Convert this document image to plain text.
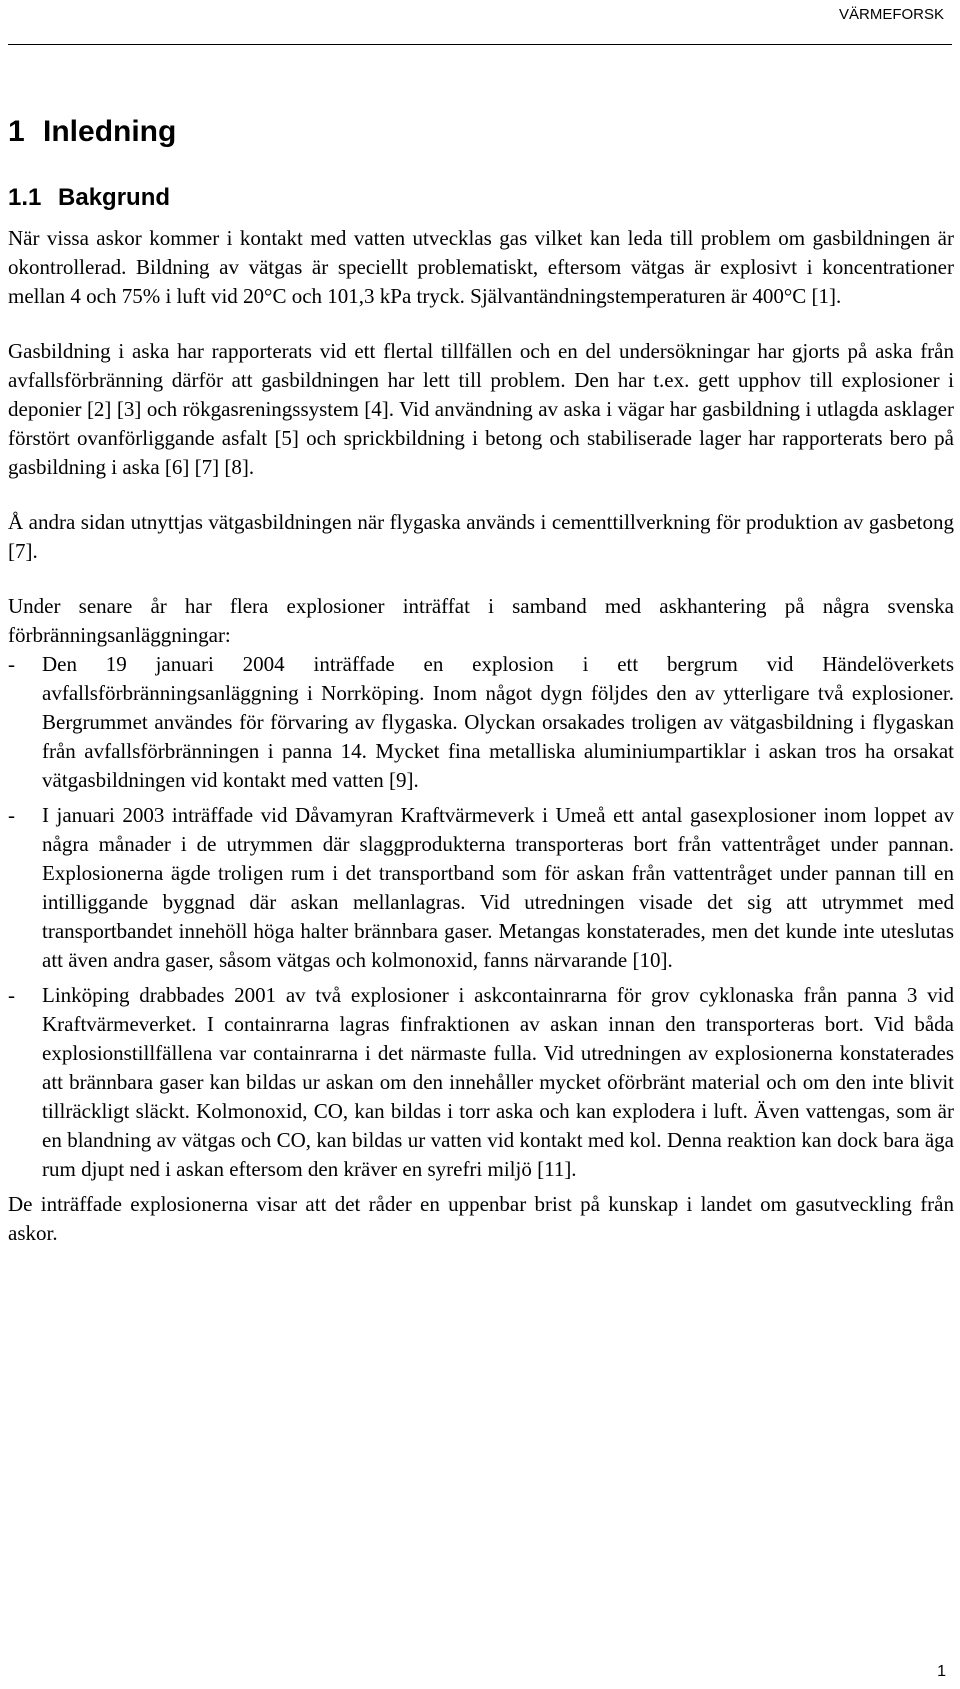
VÄRMEFORSK
1 Inledning
1.1 Bakgrund

När vissa askor kommer i kontakt med vatten utvecklas gas vilket kan leda till problem om gasbildningen är okontrollerad. Bildning av vätgas är speciellt problematiskt, eftersom vätgas är explosivt i koncentrationer mellan 4 och 75% i luft vid 20°C och 101,3 kPa tryck. Självantändningstemperaturen är 400°C [1].

Gasbildning i aska har rapporterats vid ett flertal tillfällen och en del undersökningar har gjorts på aska från avfallsförbränning därför att gasbildningen har lett till problem. Den har t.ex. gett upphov till explosioner i deponier [2] [3] och rökgasreningssystem [4]. Vid användning av aska i vägar har gasbildning i utlagda asklager förstört ovanförliggande asfalt [5] och sprickbildning i betong och stabiliserade lager har rapporterats bero på gasbildning i aska [6] [7] [8].

Å andra sidan utnyttjas vätgasbildningen när flygaska används i cementtillverkning för produktion av gasbetong [7].

Under senare år har flera explosioner inträffat i samband med askhantering på några svenska förbränningsanläggningar:

- Den 19 januari 2004 inträffade en explosion i ett bergrum vid Händelöverkets avfallsförbränningsanläggning i Norrköping. Inom något dygn följdes den av ytterligare två explosioner. Bergrummet användes för förvaring av flygaska. Olyckan orsakades troligen av vätgasbildning i flygaskan från avfallsförbränningen i panna 14. Mycket fina metalliska aluminiumpartiklar i askan tros ha orsakat vätgasbildningen vid kontakt med vatten [9].
- I januari 2003 inträffade vid Dåvamyran Kraftvärmeverk i Umeå ett antal gasexplosioner inom loppet av några månader i de utrymmen där slaggprodukterna transporteras bort från vattentråget under pannan. Explosionerna ägde troligen rum i det transportband som för askan från vattentråget under pannan till en intilliggande byggnad där askan mellanlagras. Vid utredningen visade det sig att utrymmet med transportbandet innehöll höga halter brännbara gaser. Metangas konstaterades, men det kunde inte uteslutas att även andra gaser, såsom vätgas och kolmonoxid, fanns närvarande [10].
- Linköping drabbades 2001 av två explosioner i askcontainrarna för grov cyklonaska från panna 3 vid Kraftvärmeverket. I containrarna lagras finfraktionen av askan innan den transporteras bort. Vid båda explosionstillfällena var containrarna i det närmaste fulla. Vid utredningen av explosionerna konstaterades att brännbara gaser kan bildas ur askan om den innehåller mycket oförbränt material och om den inte blivit tillräckligt släckt. Kolmonoxid, CO, kan bildas i torr aska och kan explodera i luft. Även vattengas, som är en blandning av vätgas och CO, kan bildas ur vatten vid kontakt med kol. Denna reaktion kan dock bara äga rum djupt ned i askan eftersom den kräver en syrefri miljö [11].

De inträffade explosionerna visar att det råder en uppenbar brist på kunskap i landet om gasutveckling från askor.

1
